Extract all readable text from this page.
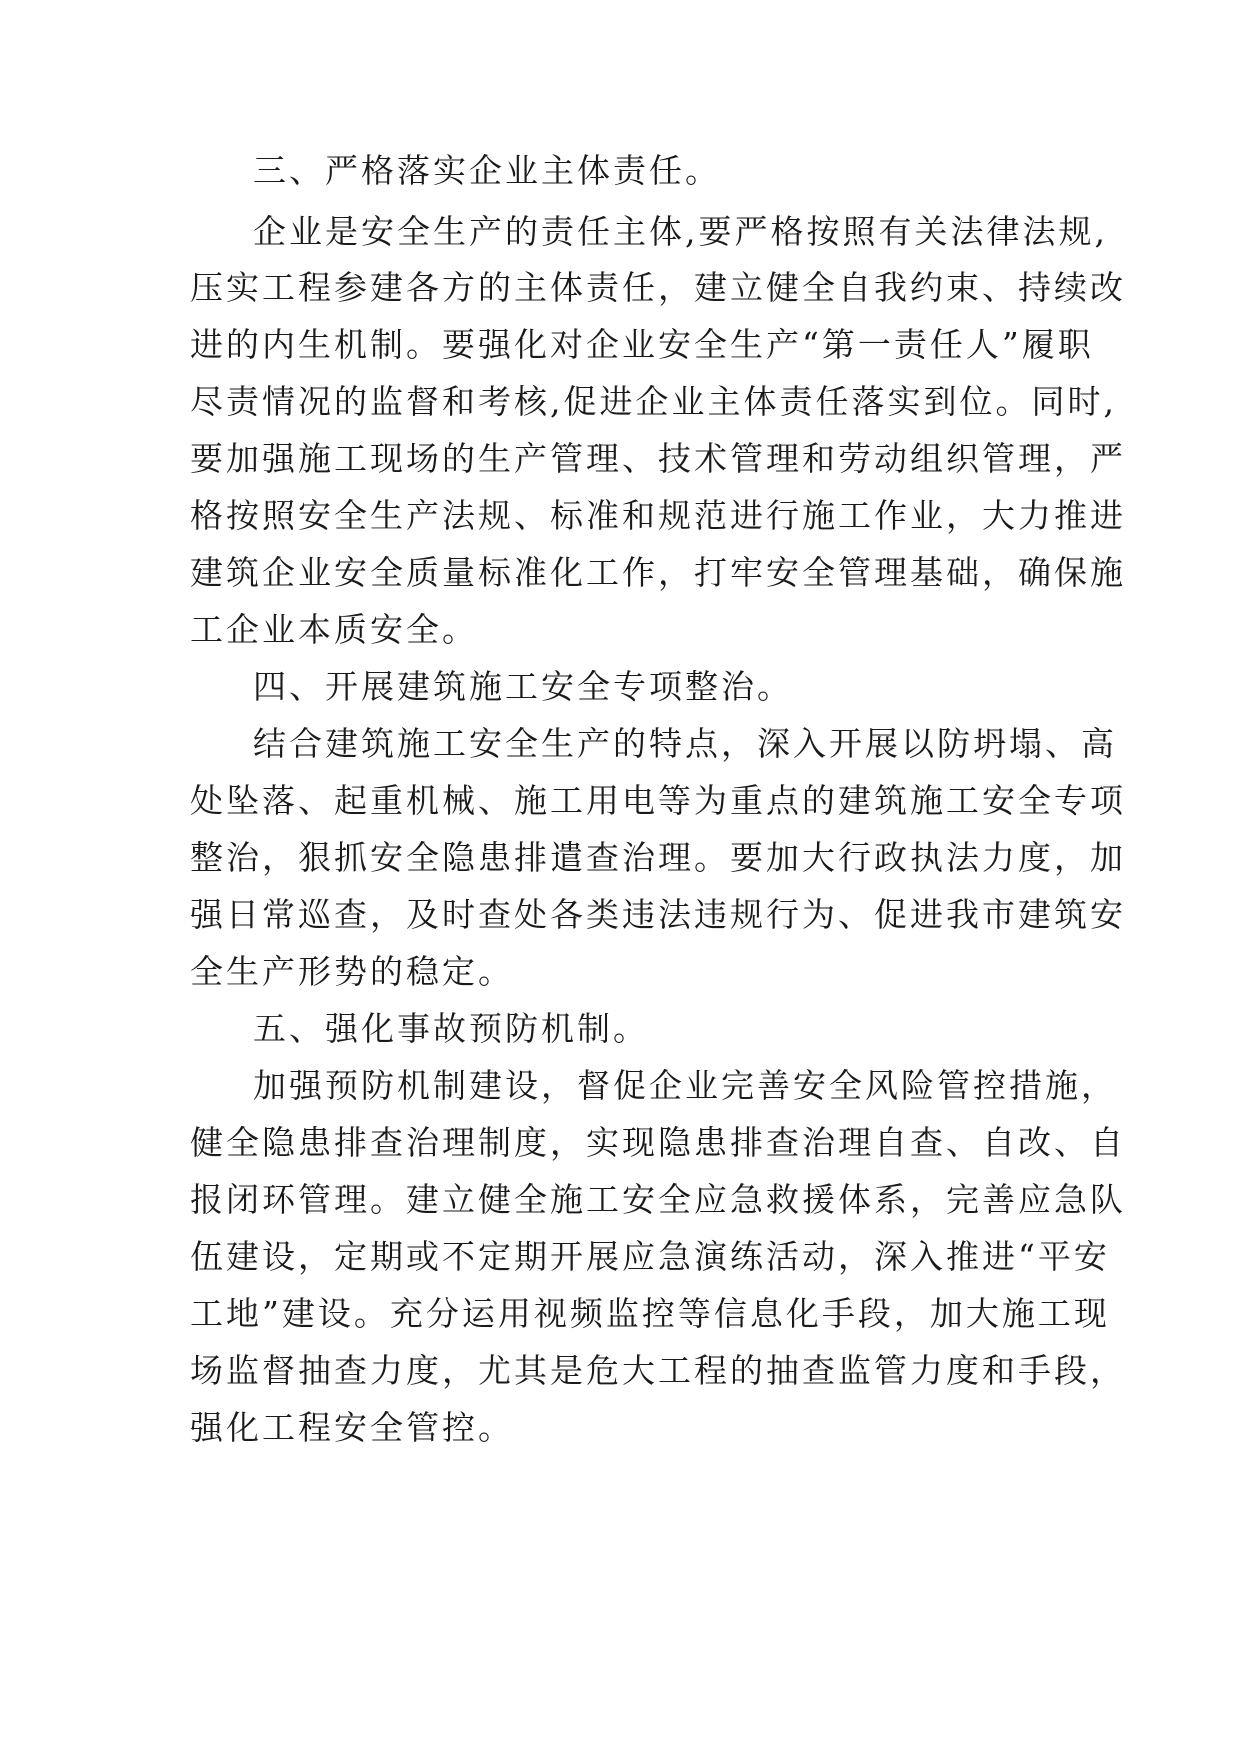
三、严格落实企业主体责任。
企业是安全生产的责任主体,要严格按照有关法律法规,
压实工程参建各方的主体责任，建立健全自我约束、持续改
进的内生机制。要强化对企业安全生产“第一责任人”履职
尽责情况的监督和考核,促进企业主体责任落实到位。同时,
要加强施工现场的生产管理、技术管理和劳动组织管理，严
格按照安全生产法规、标准和规范进行施工作业，大力推进
建筑企业安全质量标准化工作，打牢安全管理基础，确保施
工企业本质安全。
四、开展建筑施工安全专项整治。
结合建筑施工安全生产的特点，深入开展以防坍塌、高
处坠落、起重机械、施工用电等为重点的建筑施工安全专项
整治，狠抓安全隐患排遣查治理。要加大行政执法力度，加
强日常巡查，及时查处各类违法违规行为、促进我市建筑安
全生产形势的稳定。
五、强化事故预防机制。
加强预防机制建设，督促企业完善安全风险管控措施，
健全隐患排查治理制度，实现隐患排查治理自查、自改、自
报闭环管理。建立健全施工安全应急救援体系，完善应急队
伍建设，定期或不定期开展应急演练活动，深入推进“平安
工地”建设。充分运用视频监控等信息化手段，加大施工现
场监督抽查力度，尤其是危大工程的抽查监管力度和手段，
强化工程安全管控。
